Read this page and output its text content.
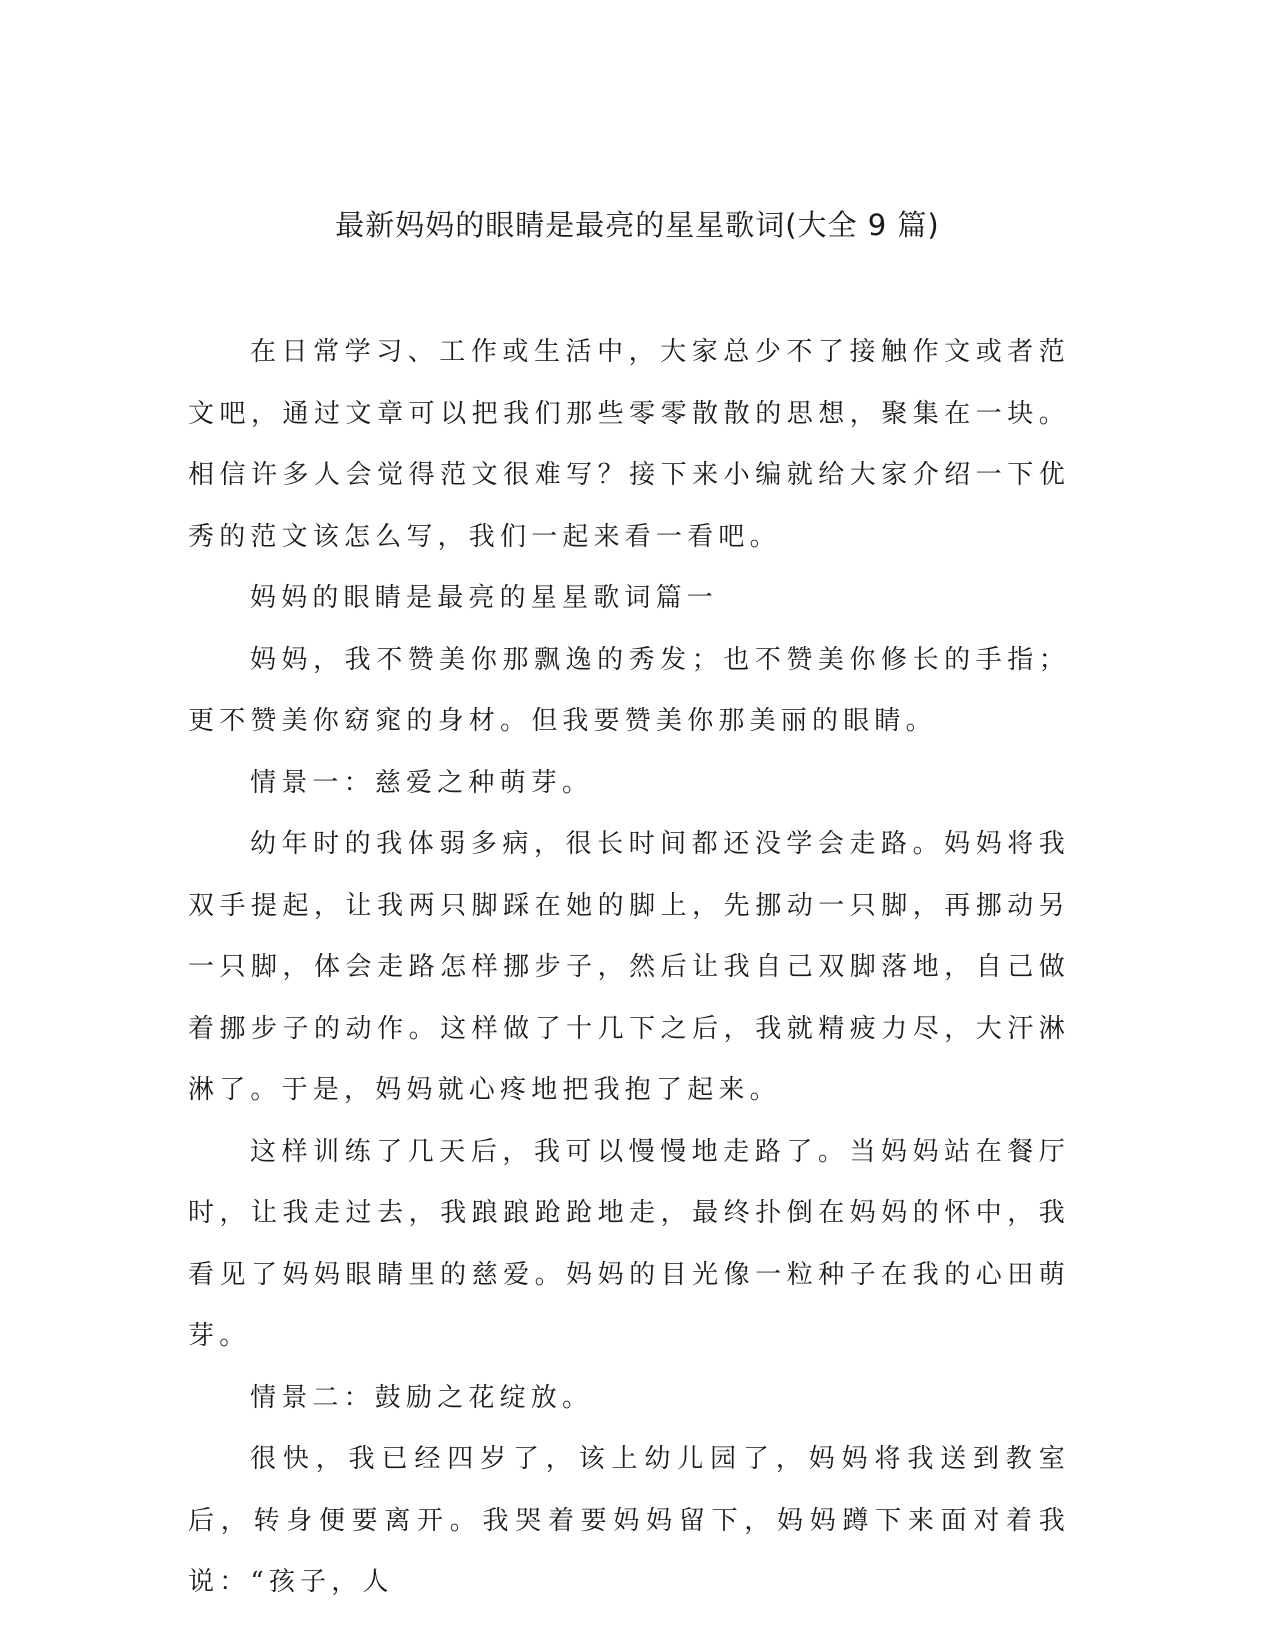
最新妈妈的眼睛是最亮的星星歌词(大全 9 篇)

在日常学习、工作或生活中，大家总少不了接触作文或者范文吧，通过文章可以把我们那些零零散散的思想，聚集在一块。相信许多人会觉得范文很难写？接下来小编就给大家介绍一下优秀的范文该怎么写，我们一起来看一看吧。

妈妈的眼睛是最亮的星星歌词篇一

妈妈，我不赞美你那飘逸的秀发；也不赞美你修长的手指；更不赞美你窈窕的身材。但我要赞美你那美丽的眼睛。

情景一：慈爱之种萌芽。

幼年时的我体弱多病，很长时间都还没学会走路。妈妈将我双手提起，让我两只脚踩在她的脚上，先挪动一只脚，再挪动另一只脚，体会走路怎样挪步子，然后让我自己双脚落地，自己做着挪步子的动作。这样做了十几下之后，我就精疲力尽，大汗淋淋了。于是，妈妈就心疼地把我抱了起来。

这样训练了几天后，我可以慢慢地走路了。当妈妈站在餐厅时，让我走过去，我踉踉跄跄地走，最终扑倒在妈妈的怀中，我看见了妈妈眼睛里的慈爱。妈妈的目光像一粒种子在我的心田萌芽。

情景二：鼓励之花绽放。

很快，我已经四岁了，该上幼儿园了，妈妈将我送到教室后，转身便要离开。我哭着要妈妈留下，妈妈蹲下来面对着我说：“孩子，人
